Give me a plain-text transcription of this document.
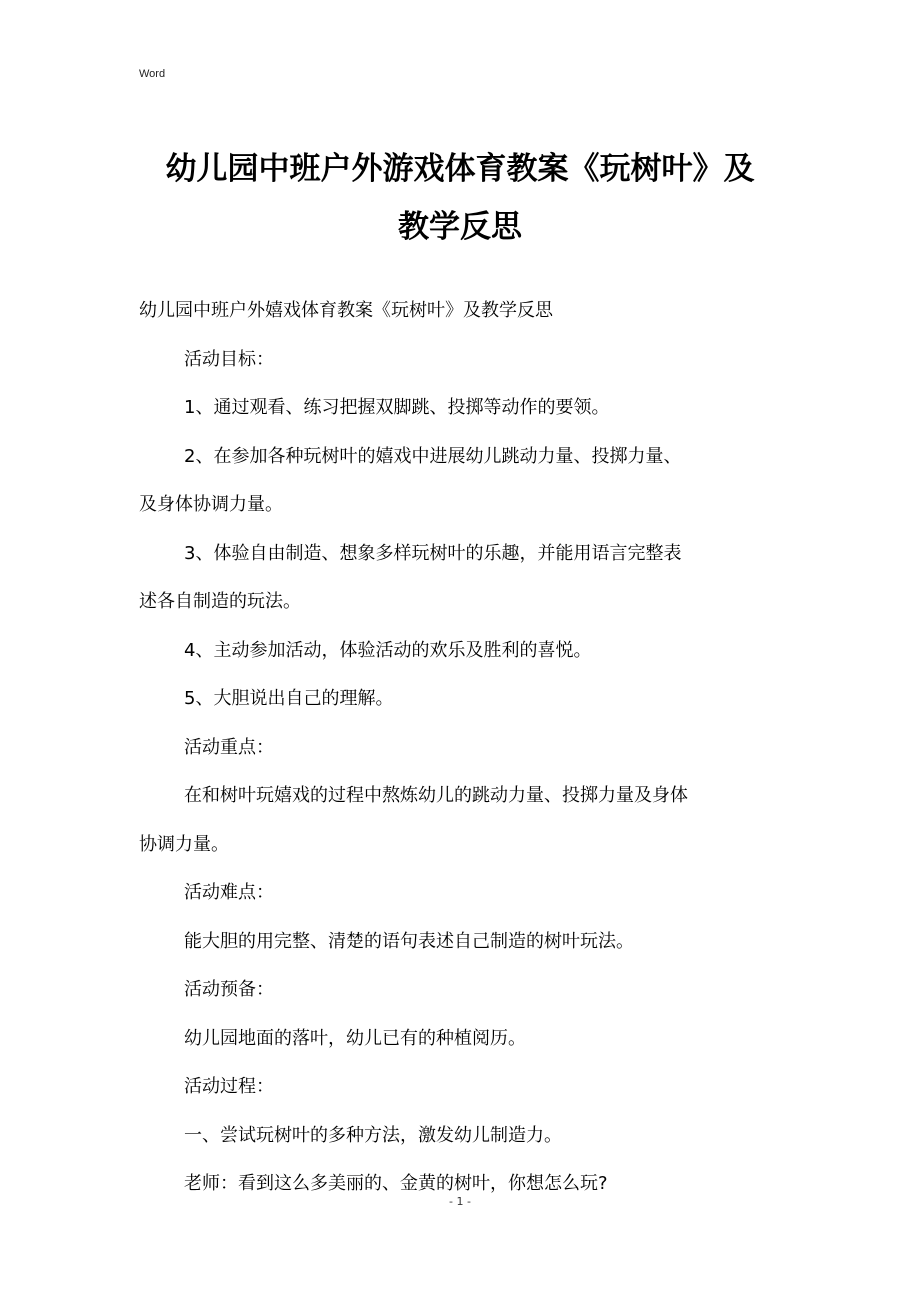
Word
幼儿园中班户外游戏体育教案《玩树叶》及
教学反思

幼儿园中班户外嬉戏体育教案《玩树叶》及教学反思

活动目标：

1、通过观看、练习把握双脚跳、投掷等动作的要领。

2、在参加各种玩树叶的嬉戏中进展幼儿跳动力量、投掷力量、
及身体协调力量。

3、体验自由制造、想象多样玩树叶的乐趣，并能用语言完整表
述各自制造的玩法。

4、主动参加活动，体验活动的欢乐及胜利的喜悦。

5、大胆说出自己的理解。

活动重点：

在和树叶玩嬉戏的过程中熬炼幼儿的跳动力量、投掷力量及身体
协调力量。

活动难点：

能大胆的用完整、清楚的语句表述自己制造的树叶玩法。

活动预备：

幼儿园地面的落叶，幼儿已有的种植阅历。

活动过程：

一、尝试玩树叶的多种方法，激发幼儿制造力。

老师：看到这么多美丽的、金黄的树叶，你想怎么玩?

- 1 -
